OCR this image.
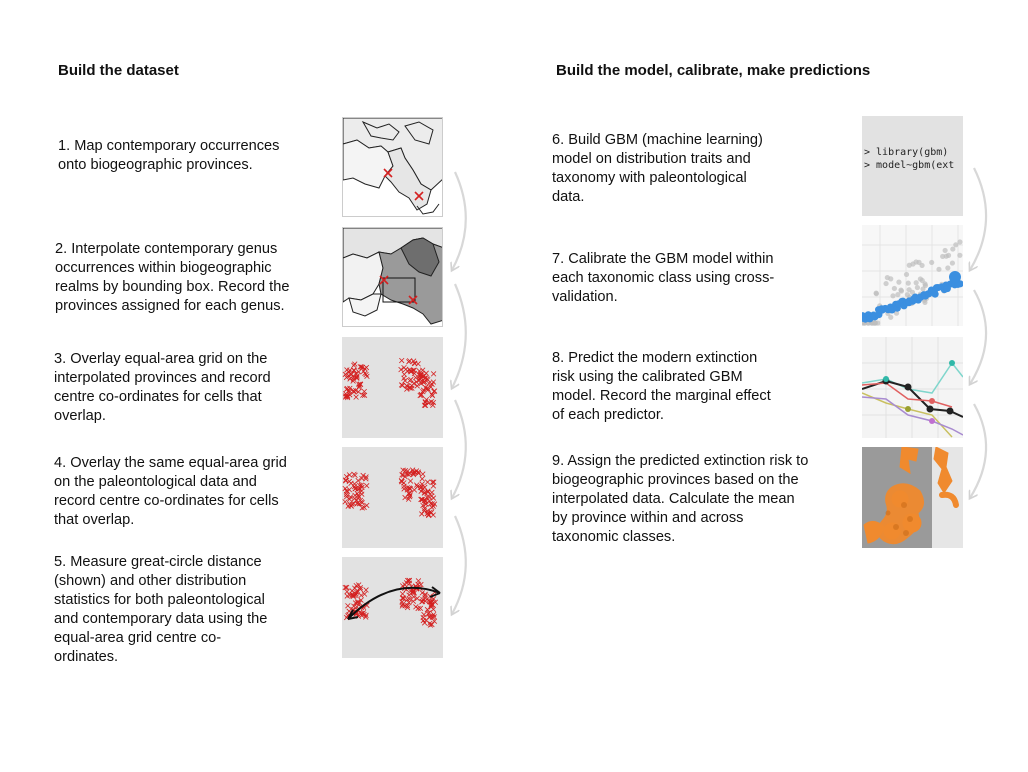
Build the dataset	Build the model, calibrate, make predictions
1. Map contemporary occurrences
onto biogeographic provinces.
2. Interpolate contemporary genus
occurrences within biogeographic
realms by bounding box. Record the
provinces assigned for each genus.
3. Overlay equal-area grid on the
interpolated provinces and record
centre co-ordinates for cells that
overlap.
4. Overlay the same equal-area grid
on the paleontological data and
record centre co-ordinates for cells
that overlap.
5. Measure great-circle distance
(shown) and other distribution
statistics for both paleontological
and contemporary data using the
equal-area grid centre co-
ordinates.
6. Build GBM (machine learning)
model on distribution traits and
taxonomy with paleontological
data.
7. Calibrate the GBM model within
each taxonomic class using cross-
validation.
8. Predict the modern extinction
risk using the calibrated GBM
model. Record the marginal effect
of each predictor.
9. Assign the predicted extinction risk to
biogeographic provinces based on the
interpolated data. Calculate the mean
by province within and across
taxonomic classes.
> library(gbm)
> model~gbm(ext
